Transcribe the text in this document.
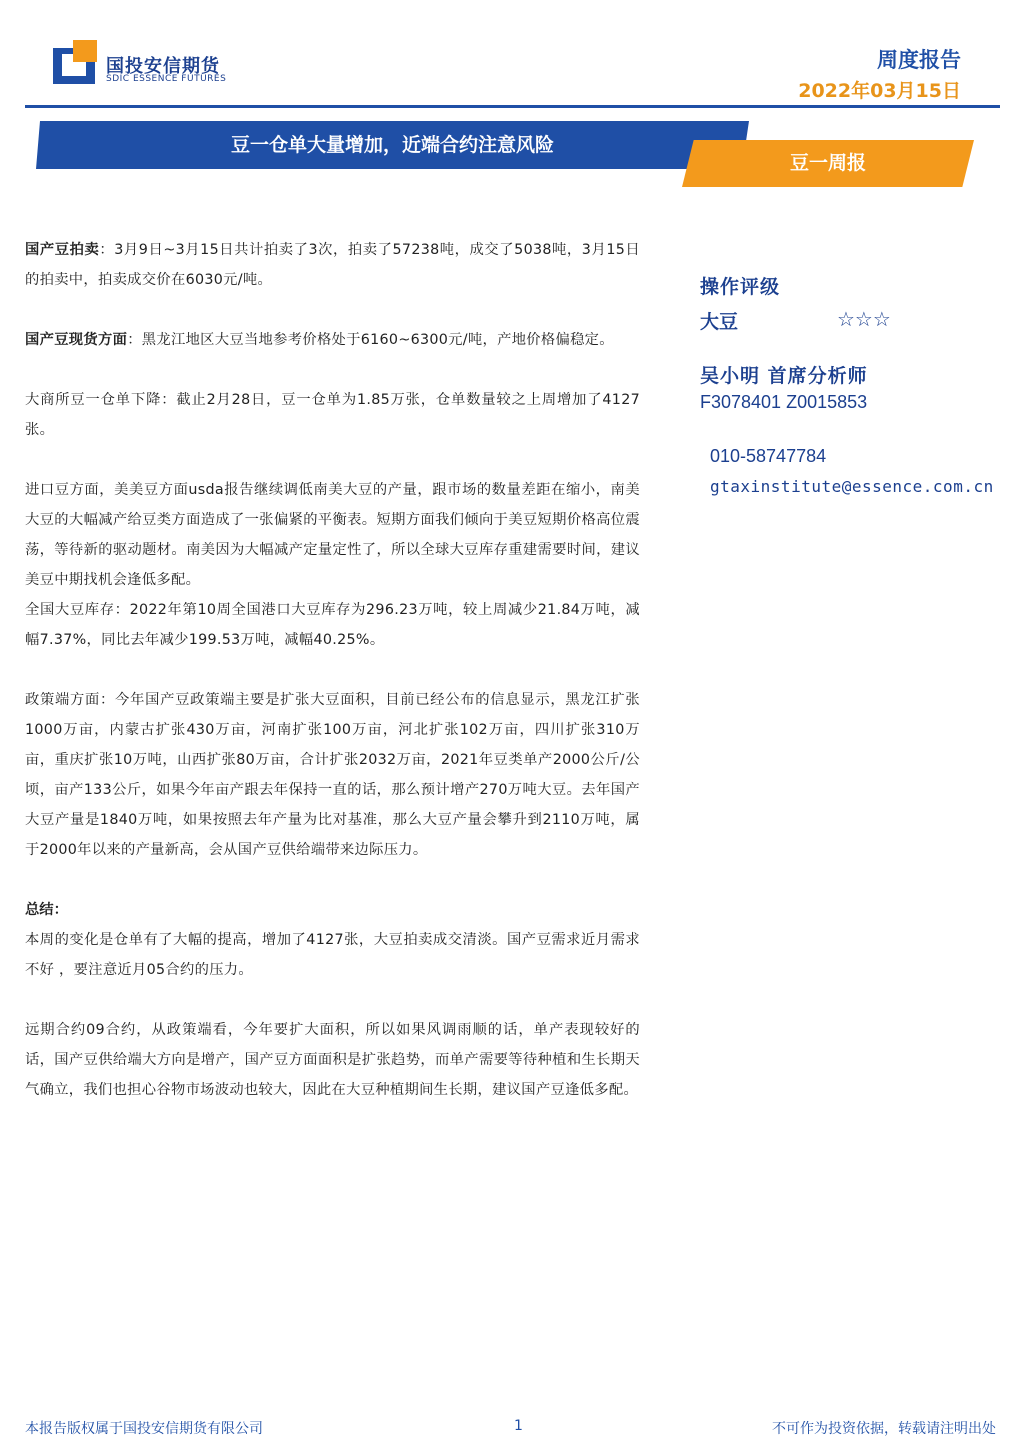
国投安信期货
SDIC ESSENCE FUTURES
周度报告
2022年03月15日
豆一仓单大量增加，近端合约注意风险
豆一周报

国产豆拍卖：3月9日~3月15日共计拍卖了3次，拍卖了57238吨，成交了5038吨，3月15日的拍卖中，拍卖成交价在6030元/吨。

国产豆现货方面：黑龙江地区大豆当地参考价格处于6160~6300元/吨，产地价格偏稳定。

大商所豆一仓单下降：截止2月28日，豆一仓单为1.85万张，仓单数量较之上周增加了4127张。

进口豆方面，美美豆方面usda报告继续调低南美大豆的产量，跟市场的数量差距在缩小，南美大豆的大幅减产给豆类方面造成了一张偏紧的平衡表。短期方面我们倾向于美豆短期价格高位震荡，等待新的驱动题材。南美因为大幅减产定量定性了，所以全球大豆库存重建需要时间，建议美豆中期找机会逢低多配。

全国大豆库存：2022年第10周全国港口大豆库存为296.23万吨，较上周减少21.84万吨，减幅7.37%，同比去年减少199.53万吨，减幅40.25%。

政策端方面：今年国产豆政策端主要是扩张大豆面积，目前已经公布的信息显示，黑龙江扩张1000万亩，内蒙古扩张430万亩，河南扩张100万亩，河北扩张102万亩，四川扩张310万亩，重庆扩张10万吨，山西扩张80万亩，合计扩张2032万亩，2021年豆类单产2000公斤/公顷，亩产133公斤，如果今年亩产跟去年保持一直的话，那么预计增产270万吨大豆。去年国产大豆产量是1840万吨，如果按照去年产量为比对基准，那么大豆产量会攀升到2110万吨，属于2000年以来的产量新高，会从国产豆供给端带来边际压力。

总结：

本周的变化是仓单有了大幅的提高，增加了4127张，大豆拍卖成交清淡。国产豆需求近月需求不好 ，要注意近月05合约的压力。

远期合约09合约，从政策端看，今年要扩大面积，所以如果风调雨顺的话，单产表现较好的话，国产豆供给端大方向是增产，国产豆方面面积是扩张趋势，而单产需要等待种植和生长期天气确立，我们也担心谷物市场波动也较大，因此在大豆种植期间生长期，建议国产豆逢低多配。

操作评级
大豆	☆☆☆
吴小明 首席分析师
F3078401 Z0015853
010-58747784
gtaxinstitute@essence.com.cn
本报告版权属于国投安信期货有限公司	1	不可作为投资依据，转载请注明出处
